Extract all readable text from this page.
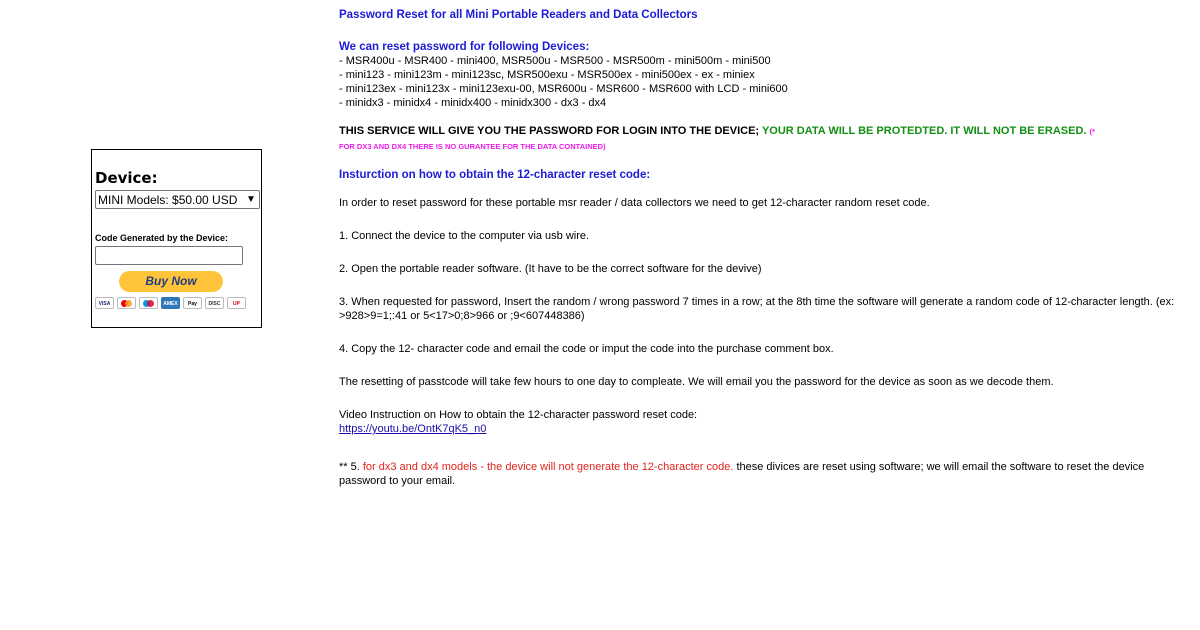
Device:
MINI Models: $50.00 USD ▼
Code Generated by the Device:
Buy Now
VISA	AMEX	Pay	DISC	UP

Password Reset for all Mini Portable Readers and Data Collectors

We can reset password for following Devices:

- MSR400u - MSR400 - mini400, MSR500u - MSR500 - MSR500m - mini500m - mini500

- mini123 - mini123m - mini123sc, MSR500exu - MSR500ex - mini500ex - ex - miniex

- mini123ex - mini123x - mini123exu-00, MSR600u - MSR600 - MSR600 with LCD - mini600

- minidx3 - minidx4 - minidx400 - minidx300 - dx3 - dx4

THIS SERVICE WILL GIVE YOU THE PASSWORD FOR LOGIN INTO THE DEVICE; YOUR DATA WILL BE PROTEDTED. IT WILL NOT BE ERASED. (*
FOR DX3 AND DX4 THERE IS NO GURANTEE FOR THE DATA CONTAINED)

Insturction on how to obtain the 12-character reset code:

In order to reset password for these portable msr reader / data collectors we need to get 12-character random reset code.

1. Connect the device to the computer via usb wire.

2. Open the portable reader software. (It have to be the correct software for the devive)

3. When requested for password, Insert the random / wrong password 7 times in a row; at the 8th time the software will generate a random code of 12-character length. (ex: >928>9=1;:41 or 5<17>0;8>966 or ;9<607448386)

4. Copy the 12- character code and email the code or imput the code into the purchase comment box.

The resetting of passtcode will take few hours to one day to compleate. We will email you the password for the device as soon as we decode them.

Video Instruction on How to obtain the 12-character password reset code:

https://youtu.be/OntK7qK5_n0

** 5. for dx3 and dx4 models - the device will not generate the 12-character code. these divices are reset using software; we will email the software to reset the device password to your email.
